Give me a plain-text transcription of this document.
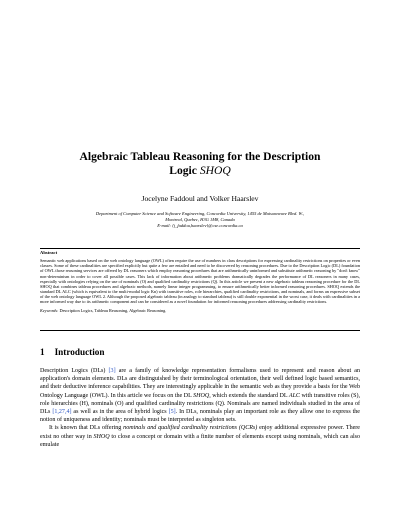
Algebraic Tableau Reasoning for the Description
Logic SHOQ
Jocelyne Faddoul and Volker Haarslev
Department of Computer Science and Software Engineering, Concordia University, 1455 de Maisonneuve Blvd. W.,
Montreal, Quebec, H3G 1M8, Canada
E-mail: {j_faddou,haarslev}@cse.concordia.ca
Abstract
Semantic web applications based on the web ontology language (OWL) often require the use of numbers in class descriptions for expressing cardinality restrictions on properties or even classes. Some of these cardinalities are specified explicitly but quite a few are entailed and need to be discovered by reasoning procedures. Due to the Description Logic (DL) foundation of OWL those reasoning services are offered by DL reasoners which employ reasoning procedures that are arithmetically uninformed and substitute arithmetic reasoning by "don't know" non-determinism in order to cover all possible cases. This lack of information about arithmetic problems dramatically degrades the performance of DL reasoners in many cases, especially with ontologies relying on the use of nominals (O) and qualified cardinality restrictions (Q). In this article we present a new algebraic tableau reasoning procedure for the DL SHOQ that combines tableau procedures and algebraic methods, namely linear integer programming, to ensure arithmetically better informed reasoning procedures. SHOQ extends the standard DL ALC (which is equivalent to the multi-modal logic Kn) with transitive roles, role hierarchies, qualified cardinality restrictions, and nominals, and forms an expressive subset of the web ontology language OWL 2. Although the proposed algebraic tableau (in analogy to standard tableau) is still double exponential in the worst case, it deals with cardinalities in a more informed way due to its arithmetic component and can be considered as a novel foundation for informed reasoning procedures addressing cardinality restrictions.
Keywords: Description Logics, Tableau Reasoning, Algebraic Reasoning.
1 Introduction

Description Logics (DLs) [3] are a family of knowledge representation formalisms used to represent and reason about an application's domain elements. DLs are distinguished by their terminological orientation, their well defined logic based semantics, and their deductive inference capabilities. They are interestingly applicable in the semantic web as they provide a basis for the Web Ontology Language (OWL). In this article we focus on the DL SHOQ, which extends the standard DL ALC with transitive roles (S), role hierarchies (H), nominals (O) and qualified cardinality restrictions (Q). Nominals are named individuals studied in the area of DLs [1,27,4] as well as in the area of hybrid logics [5]. In DLs, nominals play an important role as they allow one to express the notion of uniqueness and identity; nominals must be interpreted as singleton sets.

It is known that DLs offering nominals and qualified cardinality restrictions (QCRs) enjoy additional expressive power. There exist no other way in SHOQ to close a concept or domain with a finite number of elements except using nominals, which can also emulate
